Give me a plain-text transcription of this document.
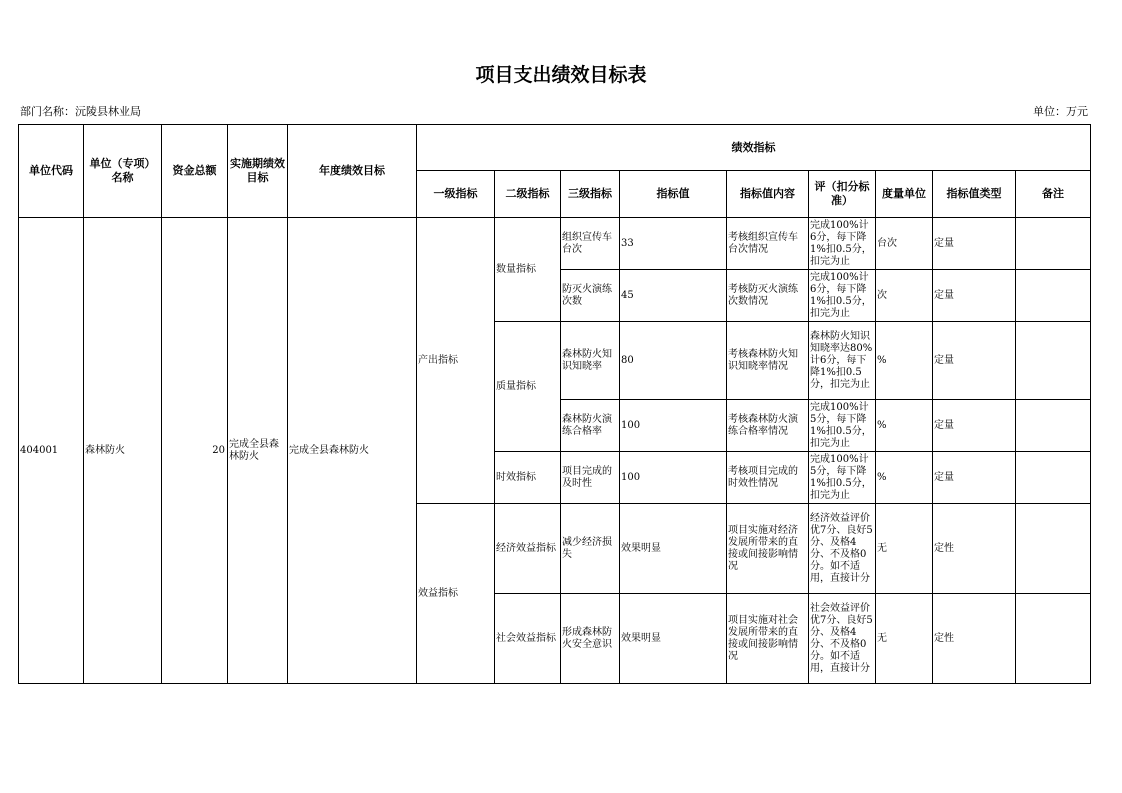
项目支出绩效目标表
部门名称：沅陵县林业局	单位：万元
单位代码	单位（专项）名称	资金总额	实施期绩效目标	年度绩效目标	绩效指标								
					一级指标	二级指标	三级指标	指标值	指标值内容	评（扣分标准）	度量单位	指标值类型	备注
404001	森林防火	20	完成全县森林防火	完成全县森林防火	产出指标	数量指标	组织宣传车台次	33	考核组织宣传车台次情况	完成100%计6分，每下降1%扣0.5分，扣完为止	台次	定量	
							防灭火演练次数	45	考核防灭火演练次数情况	完成100%计6分，每下降1%扣0.5分，扣完为止	次	定量	
						质量指标	森林防火知识知晓率	80	考核森林防火知识知晓率情况	森林防火知识知晓率达80%计6分，每下降1%扣0.5分，扣完为止	%	定量	
							森林防火演练合格率	100	考核森林防火演练合格率情况	完成100%计5分，每下降1%扣0.5分，扣完为止	%	定量	
						时效指标	项目完成的及时性	100	考核项目完成的时效性情况	完成100%计5分，每下降1%扣0.5分，扣完为止	%	定量	
					效益指标	经济效益指标	减少经济损失	效果明显	项目实施对经济发展所带来的直接或间接影响情况	经济效益评价优7分、良好5分、及格4分、不及格0分。如不适用，直接计分	无	定性	
						社会效益指标	形成森林防火安全意识	效果明显	项目实施对社会发展所带来的直接或间接影响情况	社会效益评价优7分、良好5分、及格4分、不及格0分。如不适用，直接计分	无	定性	
